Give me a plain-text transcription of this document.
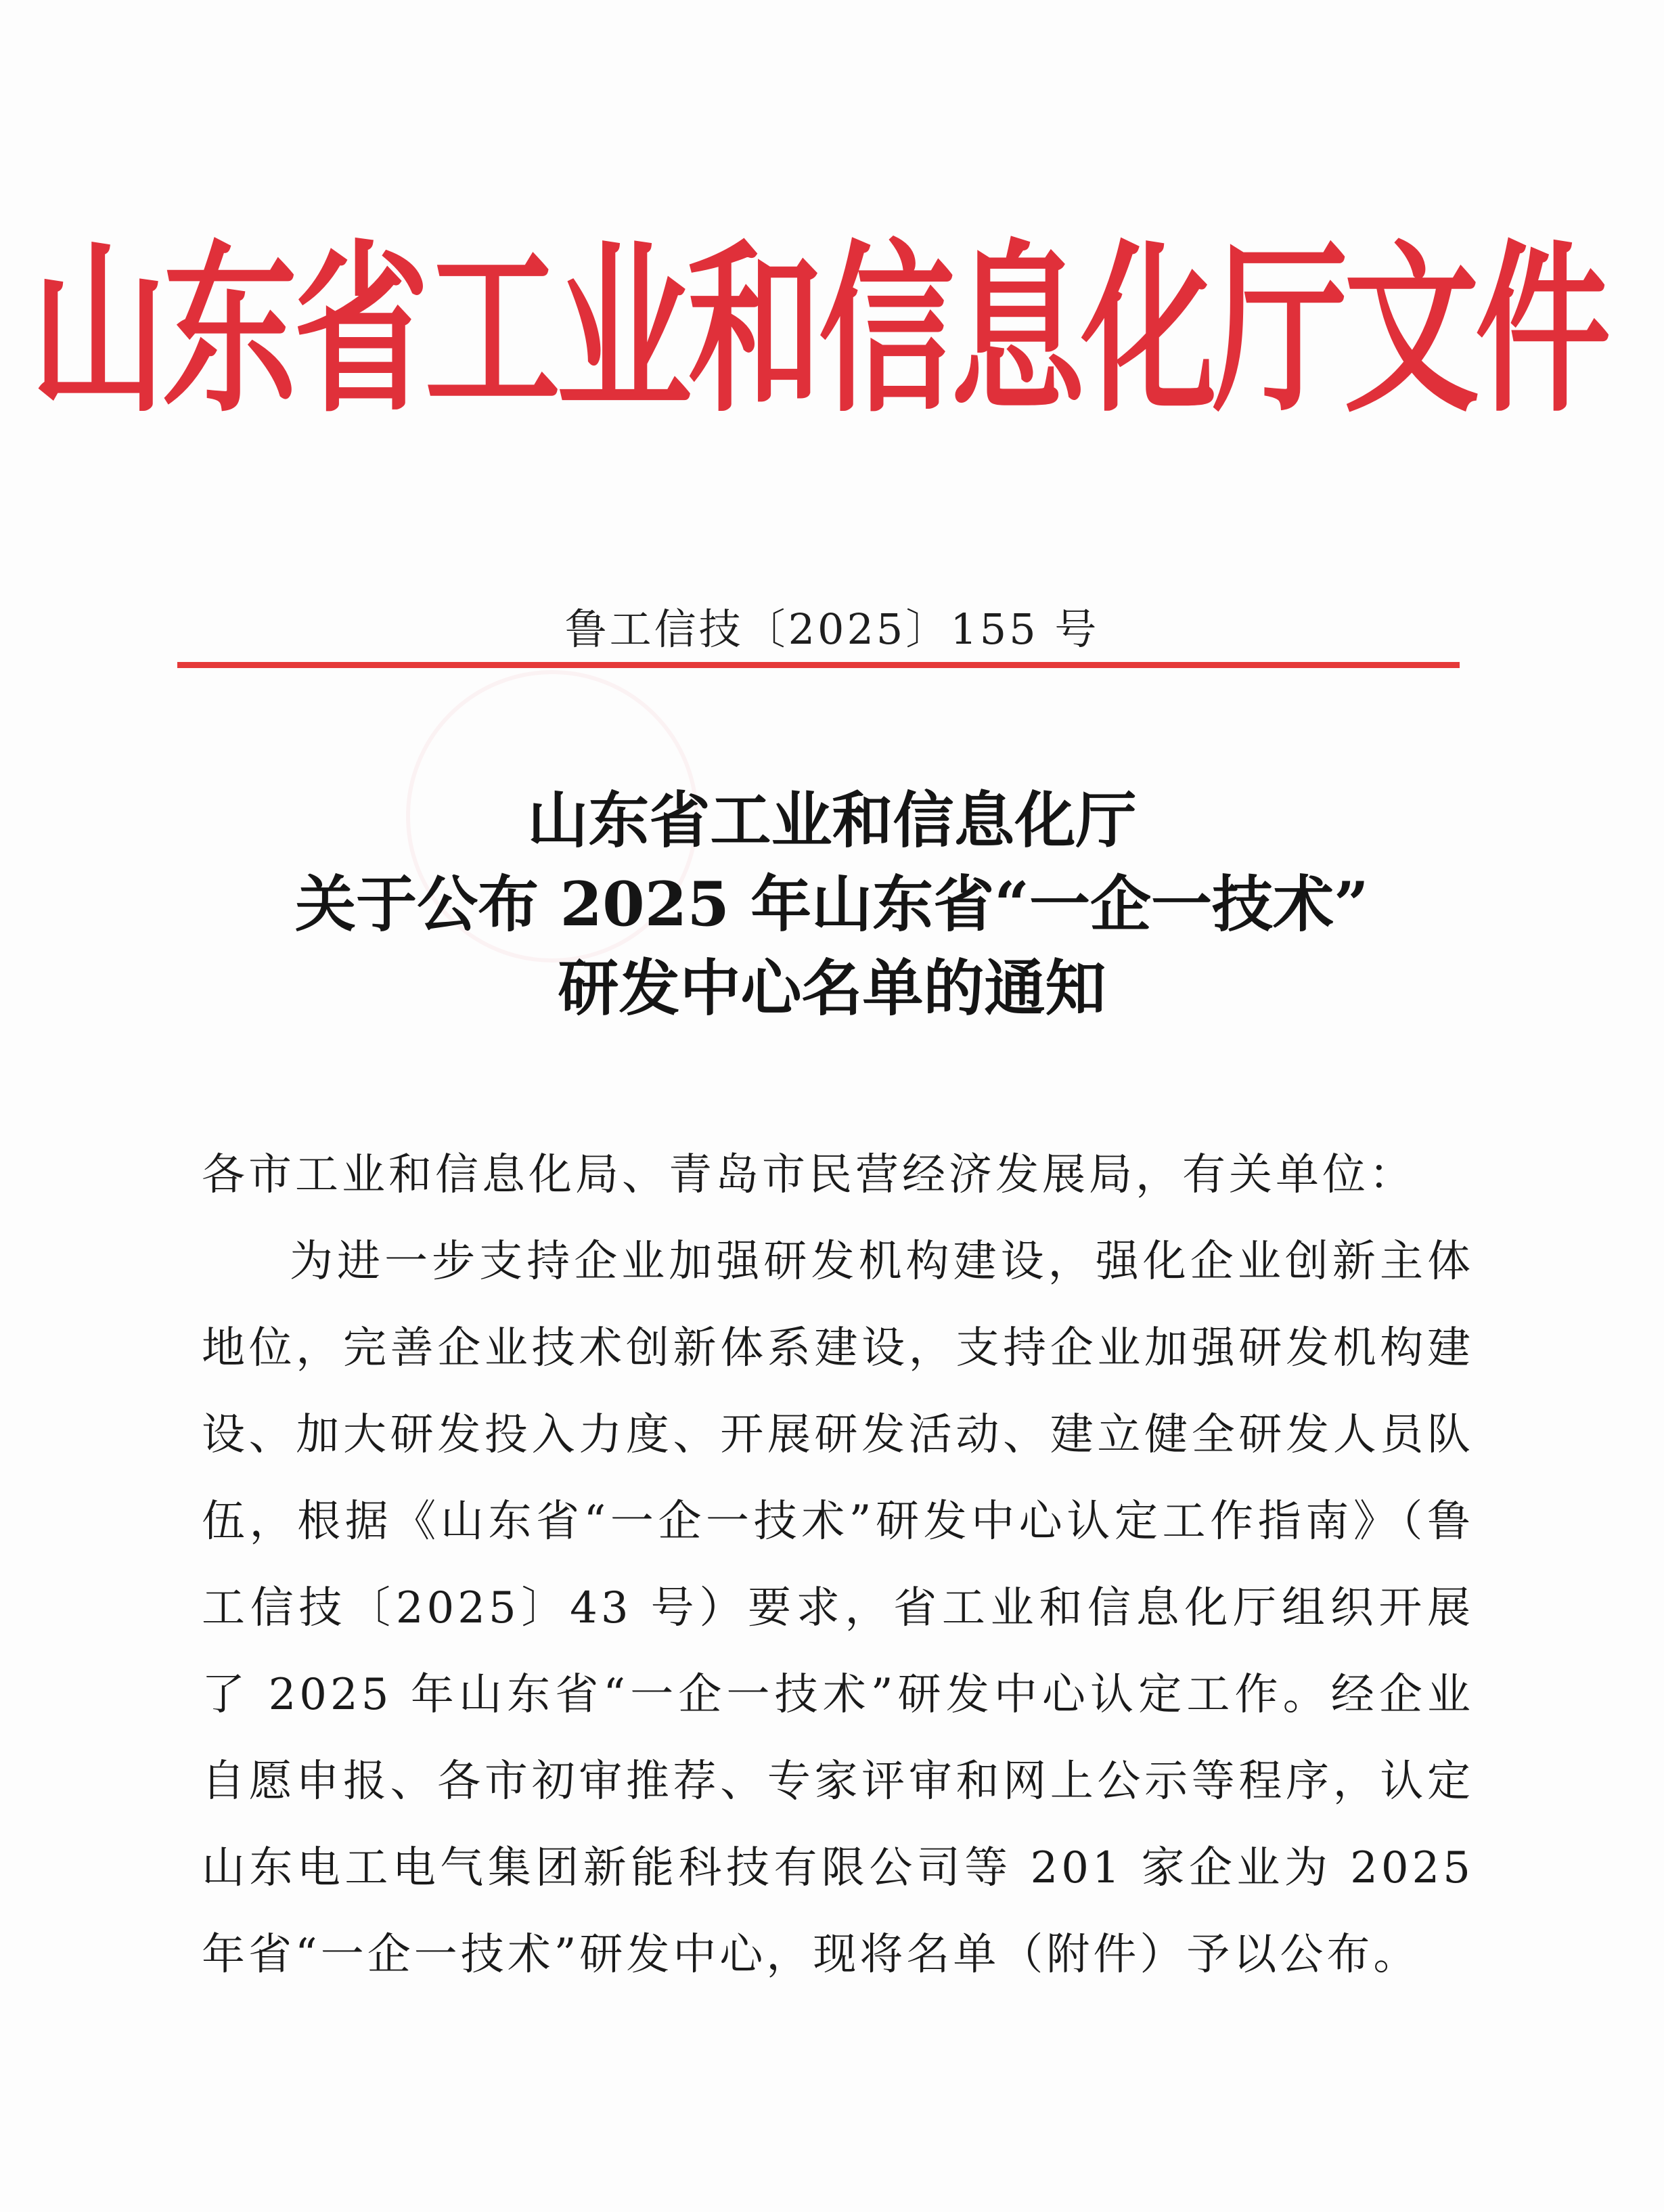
山东省工业和信息化厅文件
鲁工信技〔2025〕155 号
山东省工业和信息化厅
关于公布 2025 年山东省“一企一技术”
研发中心名单的通知
各市工业和信息化局、青岛市民营经济发展局，有关单位：
为进一步支持企业加强研发机构建设，强化企业创新主体地位，完善企业技术创新体系建设，支持企业加强研发机构建设、加大研发投入力度、开展研发活动、建立健全研发人员队伍，根据《山东省“一企一技术”研发中心认定工作指南》（鲁工信技〔2025〕43 号）要求，省工业和信息化厅组织开展了 2025 年山东省“一企一技术”研发中心认定工作。经企业自愿申报、各市初审推荐、专家评审和网上公示等程序，认定山东电工电气集团新能科技有限公司等 201 家企业为 2025 年省“一企一技术”研发中心，现将名单（附件）予以公布。
